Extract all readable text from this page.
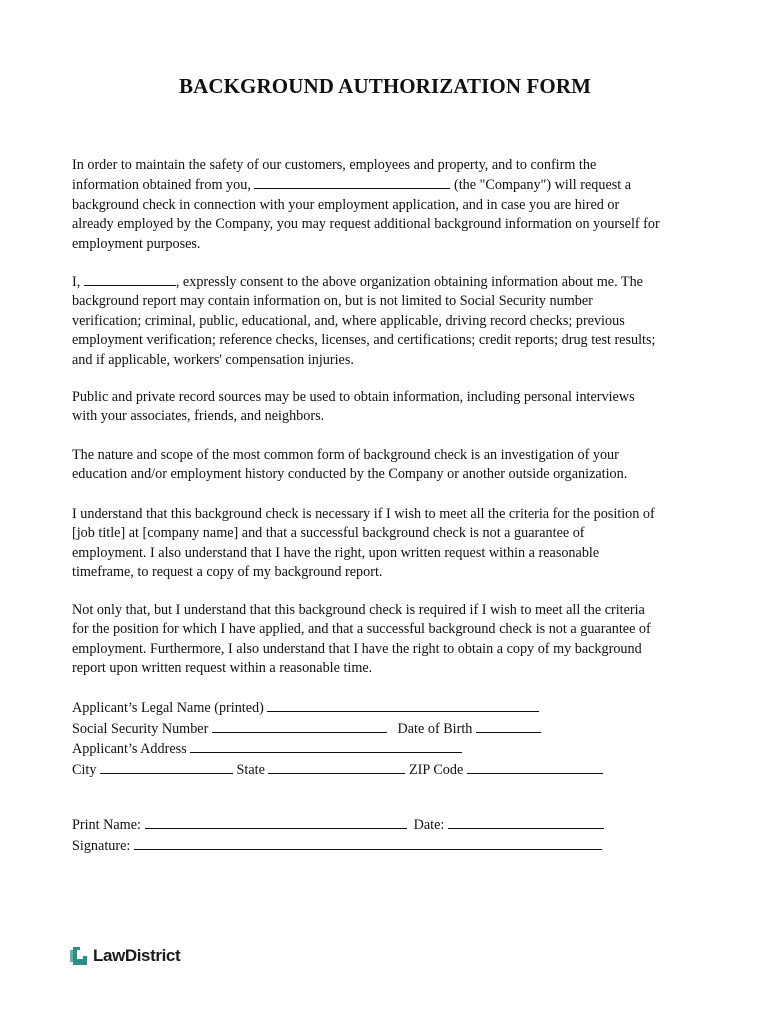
BACKGROUND AUTHORIZATION FORM
In order to maintain the safety of our customers, employees and property, and to confirm the
information obtained from you,	(the "Company") will request a
background check in connection with your employment application, and in case you are hired or
already employed by the Company, you may request additional background information on yourself for
employment purposes.
I,	, expressly consent to the above organization obtaining information about me. The
background report may contain information on, but is not limited to Social Security number
verification; criminal, public, educational, and, where applicable, driving record checks; previous
employment verification; reference checks, licenses, and certifications; credit reports; drug test results;
and if applicable, workers' compensation injuries.
Public and private record sources may be used to obtain information, including personal interviews
with your associates, friends, and neighbors.
The nature and scope of the most common form of background check is an investigation of your
education and/or employment history conducted by the Company or another outside organization.
I understand that this background check is necessary if I wish to meet all the criteria for the position of
[job title] at [company name] and that a successful background check is not a guarantee of
employment. I also understand that I have the right, upon written request within a reasonable
timeframe, to request a copy of my background report.
Not only that, but I understand that this background check is required if I wish to meet all the criteria
for the position for which I have applied, and that a successful background check is not a guarantee of
employment. Furthermore, I also understand that I have the right to obtain a copy of my background
report upon written request within a reasonable time.
Applicant’s Legal Name (printed)
Social Security Number	Date of Birth
Applicant’s Address
City	State	ZIP Code
Print Name:	Date:
Signature:
LawDistrict
